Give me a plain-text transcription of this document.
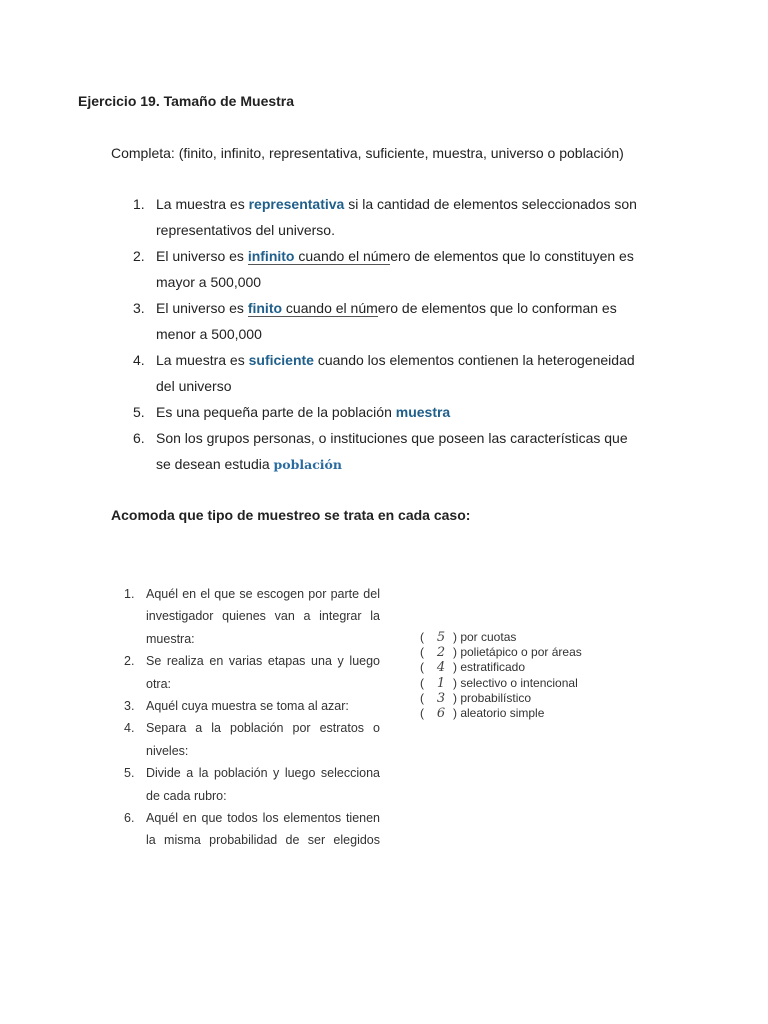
Ejercicio 19. Tamaño de Muestra
Completa: (finito, infinito, representativa, suficiente, muestra, universo o población)
1. La muestra es representativa si la cantidad de elementos seleccionados son representativos del universo.
2. El universo es infinito cuando el número de elementos que lo constituyen es mayor a 500,000
3. El universo es finito cuando el número de elementos que lo conforman es menor a 500,000
4. La muestra es suficiente cuando los elementos contienen la heterogeneidad del universo
5. Es una pequeña parte de la población muestra
6. Son los grupos personas, o instituciones que poseen las características que se desean estudia población
Acomoda que tipo de muestreo se trata en cada caso:
1. Aquél en el que se escogen por parte del investigador quienes van a integrar la muestra:
2. Se realiza en varias etapas una y luego otra:
3. Aquél cuya muestra se toma al azar:
4. Separa a la población por estratos o niveles:
5. Divide a la población y luego selecciona de cada rubro:
6. Aquél en que todos los elementos tienen la misma probabilidad de ser elegidos
( 5 ) por cuotas
( 2 ) polietápico o por áreas
( 4 ) estratificado
( 1 ) selectivo o intencional
( 3 ) probabilístico
( 6 ) aleatorio simple
